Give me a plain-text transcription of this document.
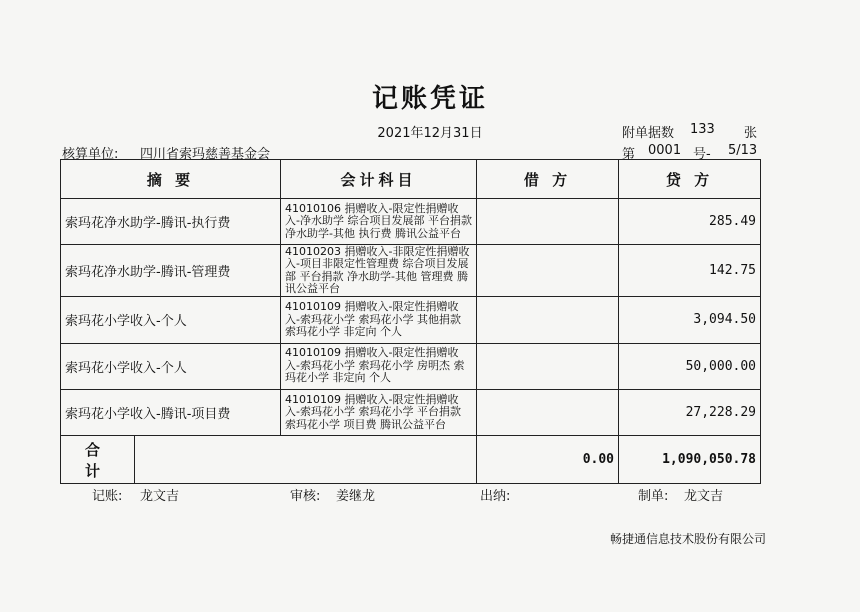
记账凭证
2021年12月31日	附单据数 133 张
核算单位: 四川省索玛慈善基金会	第 0001 号- 5/13
摘 要		会计科目	借 方	贷 方
索玛花净水助学-腾讯-执行费		41010106 捐赠收入-限定性捐赠收入-净水助学 综合项目发展部 平台捐款 净水助学-其他 执行费 腾讯公益平台		285.49
索玛花净水助学-腾讯-管理费		41010203 捐赠收入-非限定性捐赠收入-项目非限定性管理费 综合项目发展部 平台捐款 净水助学-其他 管理费 腾讯公益平台		142.75
索玛花小学收入-个人		41010109 捐赠收入-限定性捐赠收入-索玛花小学 索玛花小学 其他捐款 索玛花小学 非定向 个人		3,094.50
索玛花小学收入-个人		41010109 捐赠收入-限定性捐赠收入-索玛花小学 索玛花小学 房明杰 索玛花小学 非定向 个人		50,000.00
索玛花小学收入-腾讯-项目费		41010109 捐赠收入-限定性捐赠收入-索玛花小学 索玛花小学 平台捐款 索玛花小学 项目费 腾讯公益平台		27,228.29
合 计			0.00	1,090,050.78
记账: 龙文吉	审核: 姜继龙	出纳:	制单: 龙文吉
畅捷通信息技术股份有限公司
